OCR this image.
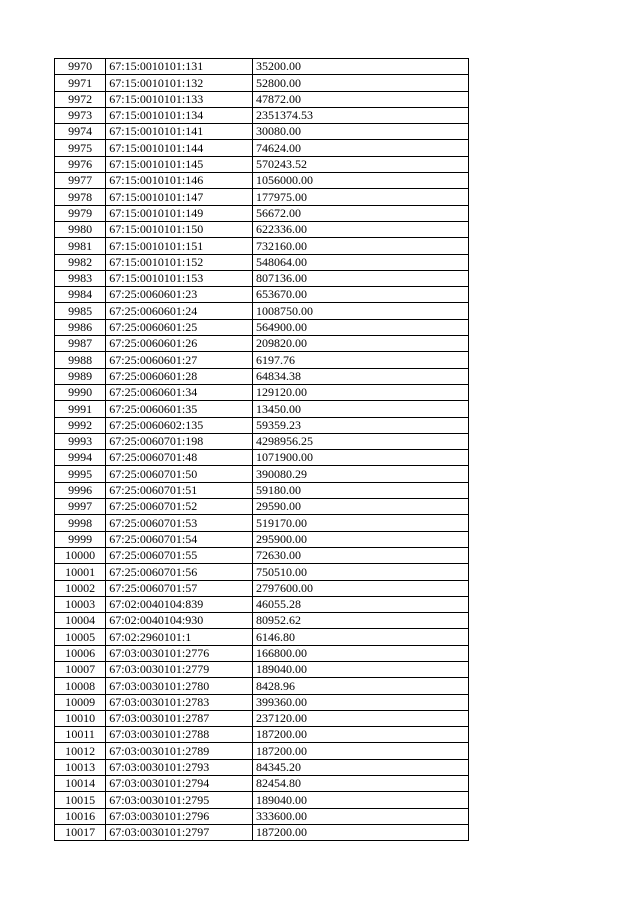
9970	67:15:0010101:131	35200.00
9971	67:15:0010101:132	52800.00
9972	67:15:0010101:133	47872.00
9973	67:15:0010101:134	2351374.53
9974	67:15:0010101:141	30080.00
9975	67:15:0010101:144	74624.00
9976	67:15:0010101:145	570243.52
9977	67:15:0010101:146	1056000.00
9978	67:15:0010101:147	177975.00
9979	67:15:0010101:149	56672.00
9980	67:15:0010101:150	622336.00
9981	67:15:0010101:151	732160.00
9982	67:15:0010101:152	548064.00
9983	67:15:0010101:153	807136.00
9984	67:25:0060601:23	653670.00
9985	67:25:0060601:24	1008750.00
9986	67:25:0060601:25	564900.00
9987	67:25:0060601:26	209820.00
9988	67:25:0060601:27	6197.76
9989	67:25:0060601:28	64834.38
9990	67:25:0060601:34	129120.00
9991	67:25:0060601:35	13450.00
9992	67:25:0060602:135	59359.23
9993	67:25:0060701:198	4298956.25
9994	67:25:0060701:48	1071900.00
9995	67:25:0060701:50	390080.29
9996	67:25:0060701:51	59180.00
9997	67:25:0060701:52	29590.00
9998	67:25:0060701:53	519170.00
9999	67:25:0060701:54	295900.00
10000	67:25:0060701:55	72630.00
10001	67:25:0060701:56	750510.00
10002	67:25:0060701:57	2797600.00
10003	67:02:0040104:839	46055.28
10004	67:02:0040104:930	80952.62
10005	67:02:2960101:1	6146.80
10006	67:03:0030101:2776	166800.00
10007	67:03:0030101:2779	189040.00
10008	67:03:0030101:2780	8428.96
10009	67:03:0030101:2783	399360.00
10010	67:03:0030101:2787	237120.00
10011	67:03:0030101:2788	187200.00
10012	67:03:0030101:2789	187200.00
10013	67:03:0030101:2793	84345.20
10014	67:03:0030101:2794	82454.80
10015	67:03:0030101:2795	189040.00
10016	67:03:0030101:2796	333600.00
10017	67:03:0030101:2797	187200.00
